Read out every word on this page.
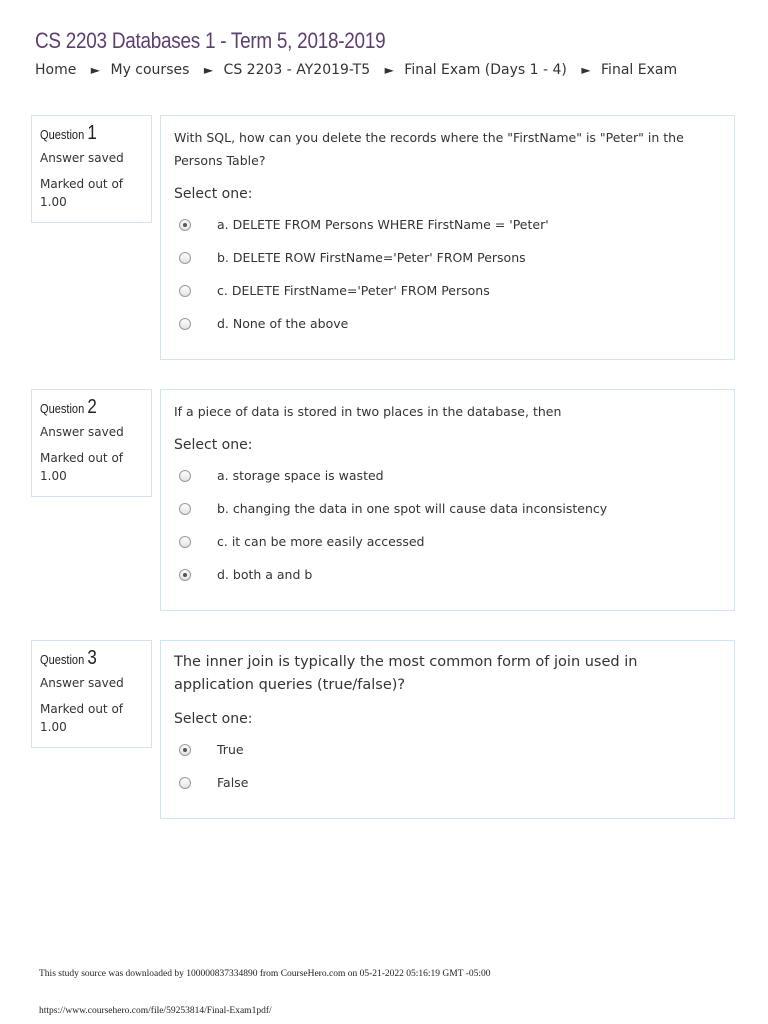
CS 2203 Databases 1 - Term 5, 2018-2019
Home ► My courses ► CS 2203 - AY2019-T5 ► Final Exam (Days 1 - 4) ► Final Exam
Question 1
Answer saved
Marked out of
1.00
With SQL, how can you delete the records where the "FirstName" is "Peter" in the Persons Table?
Select one:
a. DELETE FROM Persons WHERE FirstName = 'Peter'
b. DELETE ROW FirstName='Peter' FROM Persons
c. DELETE FirstName='Peter' FROM Persons
d. None of the above
Question 2
Answer saved
Marked out of
1.00
If a piece of data is stored in two places in the database, then
Select one:
a. storage space is wasted
b. changing the data in one spot will cause data inconsistency
c. it can be more easily accessed
d. both a and b
Question 3
Answer saved
Marked out of
1.00
The inner join is typically the most common form of join used in application queries (true/false)?
Select one:
True
False
This study source was downloaded by 100000837334890 from CourseHero.com on 05-21-2022 05:16:19 GMT -05:00
https://www.coursehero.com/file/59253814/Final-Exam1pdf/
